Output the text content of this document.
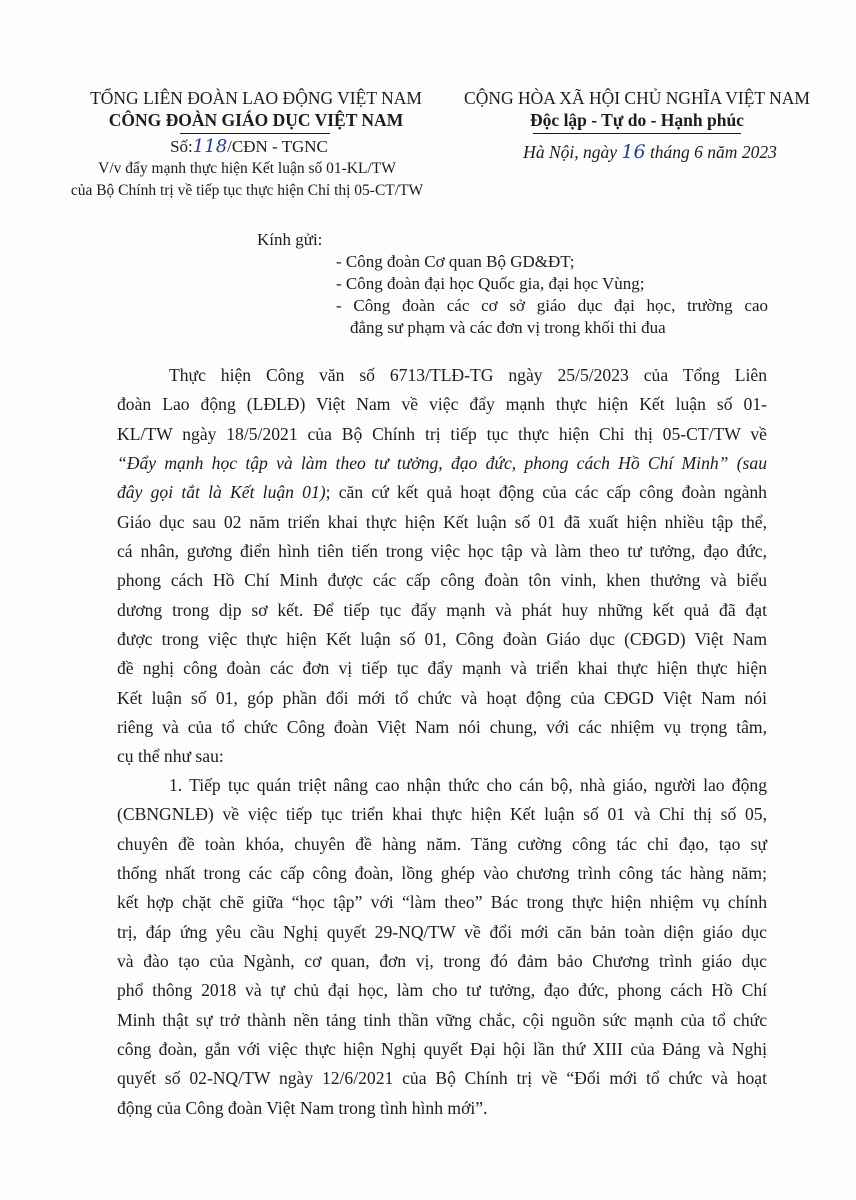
TỔNG LIÊN ĐOÀN LAO ĐỘNG VIỆT NAM
CÔNG ĐOÀN GIÁO DỤC VIỆT NAM
Số:118/CĐN - TGNC
V/v đẩy mạnh thực hiện Kết luận số 01-KL/TW
của Bộ Chính trị về tiếp tục thực hiện Chỉ thị 05-CT/TW
CỘNG HÒA XÃ HỘI CHỦ NGHĨA VIỆT NAM
Độc lập - Tự do - Hạnh phúc
Hà Nội, ngày 16 tháng 6 năm 2023
Kính gửi:
- Công đoàn Cơ quan Bộ GD&ĐT;
- Công đoàn đại học Quốc gia, đại học Vùng;
- Công đoàn các cơ sở giáo dục đại học, trường cao
đẳng sư phạm và các đơn vị trong khối thi đua
Thực hiện Công văn số 6713/TLĐ-TG ngày 25/5/2023 của Tổng Liên
đoàn Lao động (LĐLĐ) Việt Nam về việc đẩy mạnh thực hiện Kết luận số 01-
KL/TW ngày 18/5/2021 của Bộ Chính trị tiếp tục thực hiện Chỉ thị 05-CT/TW về
“Đẩy mạnh học tập và làm theo tư tưởng, đạo đức, phong cách Hồ Chí Minh” (sau
đây gọi tắt là Kết luận 01); căn cứ kết quả hoạt động của các cấp công đoàn ngành
Giáo dục sau 02 năm triển khai thực hiện Kết luận số 01 đã xuất hiện nhiều tập thể,
cá nhân, gương điển hình tiên tiến trong việc học tập và làm theo tư tưởng, đạo đức,
phong cách Hồ Chí Minh được các cấp công đoàn tôn vinh, khen thưởng và biểu
dương trong dịp sơ kết. Để tiếp tục đẩy mạnh và phát huy những kết quả đã đạt
được trong việc thực hiện Kết luận số 01, Công đoàn Giáo dục (CĐGD) Việt Nam
đề nghị công đoàn các đơn vị tiếp tục đẩy mạnh và triển khai thực hiện thực hiện
Kết luận số 01, góp phần đổi mới tổ chức và hoạt động của CĐGD Việt Nam nói
riêng và của tổ chức Công đoàn Việt Nam nói chung, với các nhiệm vụ trọng tâm,
cụ thể như sau:
1. Tiếp tục quán triệt nâng cao nhận thức cho cán bộ, nhà giáo, người lao động
(CBNGNLĐ) về việc tiếp tục triển khai thực hiện Kết luận số 01 và Chỉ thị số 05,
chuyên đề toàn khóa, chuyên đề hàng năm. Tăng cường công tác chỉ đạo, tạo sự
thống nhất trong các cấp công đoàn, lồng ghép vào chương trình công tác hàng năm;
kết hợp chặt chẽ giữa “học tập” với “làm theo” Bác trong thực hiện nhiệm vụ chính
trị, đáp ứng yêu cầu Nghị quyết 29-NQ/TW về đổi mới căn bản toàn diện giáo dục
và đào tạo của Ngành, cơ quan, đơn vị, trong đó đảm bảo Chương trình giáo dục
phổ thông 2018 và tự chủ đại học, làm cho tư tưởng, đạo đức, phong cách Hồ Chí
Minh thật sự trở thành nền tảng tinh thần vững chắc, cội nguồn sức mạnh của tổ chức
công đoàn, gắn với việc thực hiện Nghị quyết Đại hội lần thứ XIII của Đảng và Nghị
quyết số 02-NQ/TW ngày 12/6/2021 của Bộ Chính trị về “Đổi mới tổ chức và hoạt
động của Công đoàn Việt Nam trong tình hình mới”.
